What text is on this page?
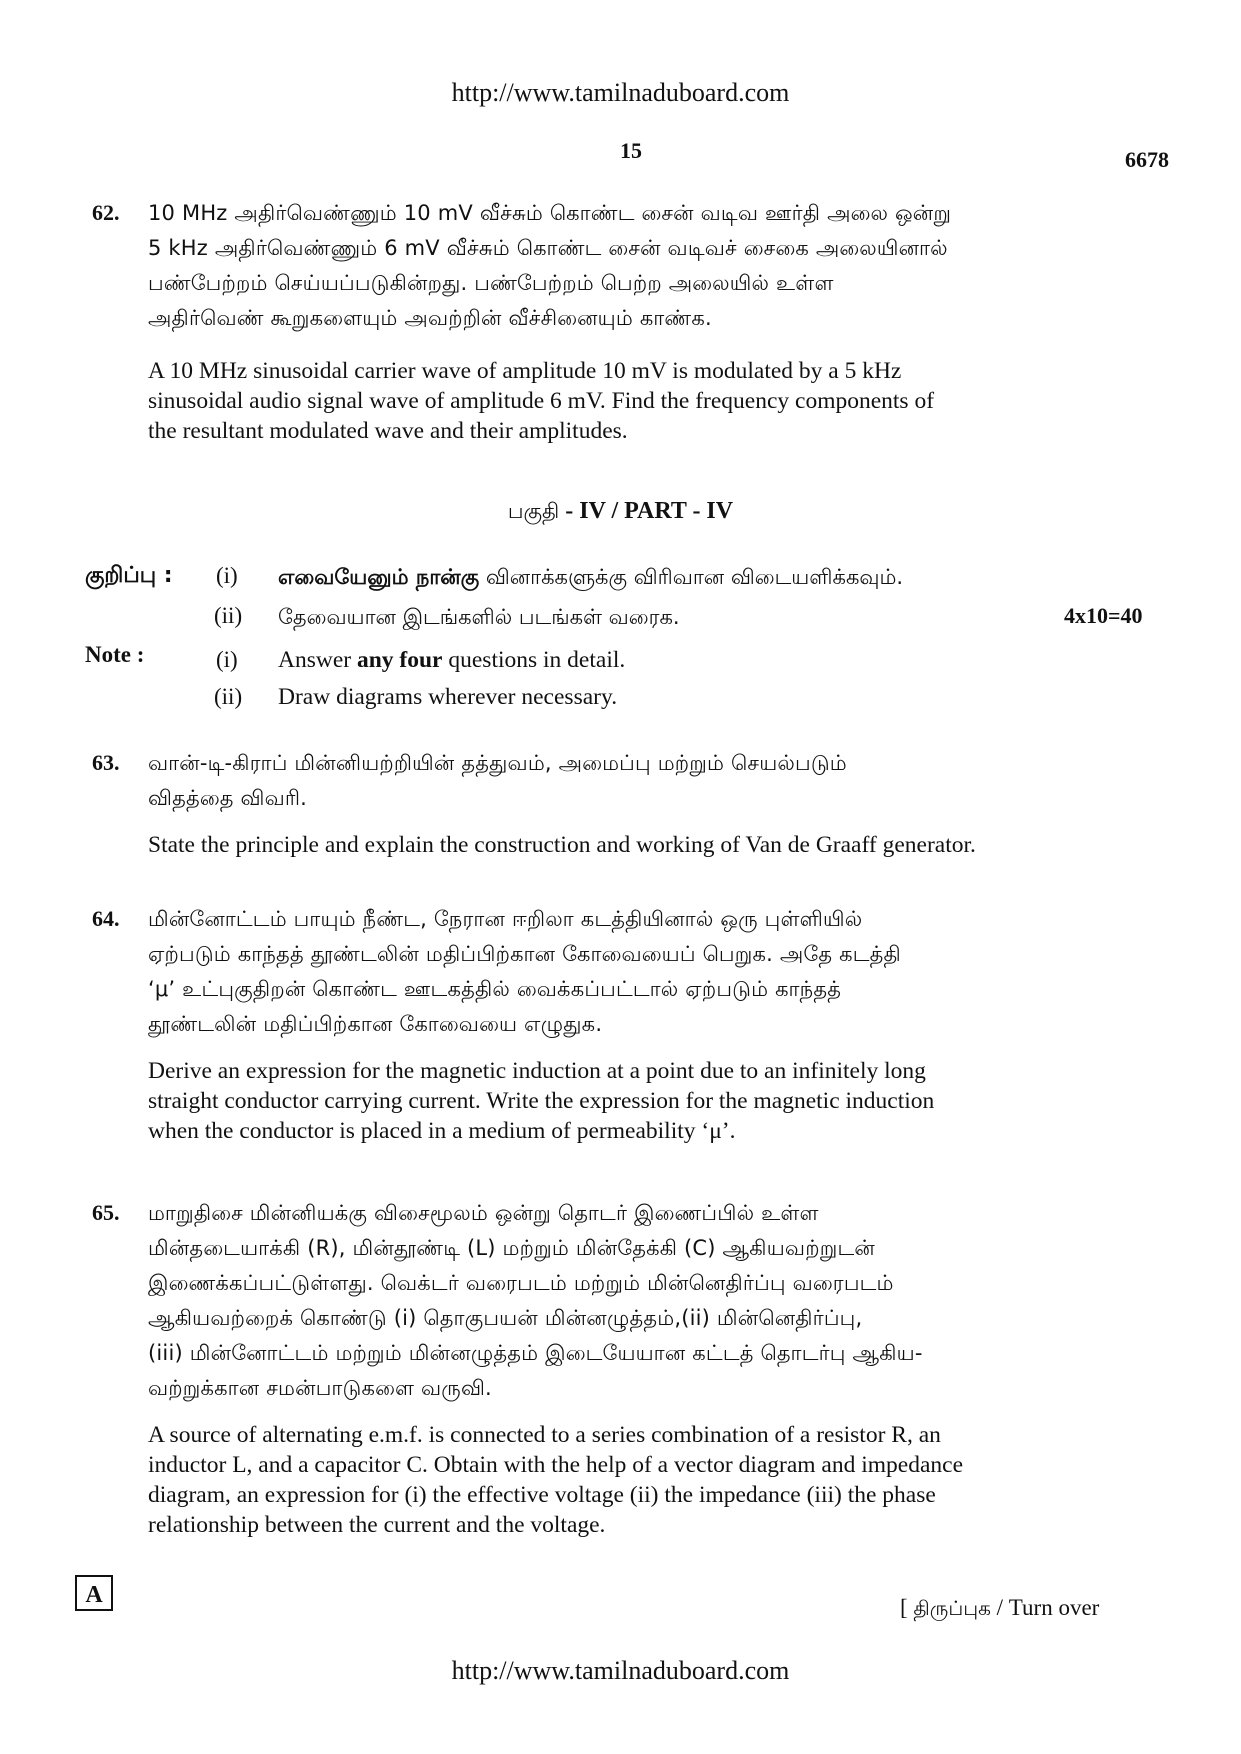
http://www.tamilnaduboard.com
15	6678
62. 10 MHz அதிர்வெண்ணும் 10 mV வீச்சும் கொண்ட சைன் வடிவ ஊர்தி அலை ஒன்று
5 kHz அதிர்வெண்ணும் 6 mV வீச்சும் கொண்ட சைன் வடிவச் சைகை அலையினால்
பண்பேற்றம் செய்யப்படுகின்றது. பண்பேற்றம் பெற்ற அலையில் உள்ள
அதிர்வெண் கூறுகளையும் அவற்றின் வீச்சினையும் காண்க.
A 10 MHz sinusoidal carrier wave of amplitude 10 mV is modulated by a 5 kHz
sinusoidal audio signal wave of amplitude 6 mV. Find the frequency components of
the resultant modulated wave and their amplitudes.
பகுதி - IV / PART - IV
குறிப்பு : (i) எவையேனும் நான்கு வினாக்களுக்கு விரிவான விடையளிக்கவும்.
(ii) தேவையான இடங்களில் படங்கள் வரைக.	4x10=40
Note :	(i) Answer any four questions in detail.
(ii) Draw diagrams wherever necessary.
63. வான்-டி-கிராப் மின்னியற்றியின் தத்துவம், அமைப்பு மற்றும் செயல்படும்
விதத்தை விவரி.
State the principle and explain the construction and working of Van de Graaff generator.
64. மின்னோட்டம் பாயும் நீண்ட, நேரான ஈறிலா கடத்தியினால் ஒரு புள்ளியில்
ஏற்படும் காந்தத் தூண்டலின் மதிப்பிற்கான கோவையைப் பெறுக. அதே கடத்தி
‘μ’ உட்புகுதிறன் கொண்ட ஊடகத்தில் வைக்கப்பட்டால் ஏற்படும் காந்தத்
தூண்டலின் மதிப்பிற்கான கோவையை எழுதுக.
Derive an expression for the magnetic induction at a point due to an infinitely long
straight conductor carrying current. Write the expression for the magnetic induction
when the conductor is placed in a medium of permeability ‘μ’.
65. மாறுதிசை மின்னியக்கு விசைமூலம் ஒன்று தொடர் இணைப்பில் உள்ள
மின்தடையாக்கி (R), மின்தூண்டி (L) மற்றும் மின்தேக்கி (C) ஆகியவற்றுடன்
இணைக்கப்பட்டுள்ளது. வெக்டர் வரைபடம் மற்றும் மின்னெதிர்ப்பு வரைபடம்
ஆகியவற்றைக் கொண்டு (i) தொகுபயன் மின்னழுத்தம்,(ii) மின்னெதிர்ப்பு,
(iii) மின்னோட்டம் மற்றும் மின்னழுத்தம் இடையேயான கட்டத் தொடர்பு ஆகிய-
வற்றுக்கான சமன்பாடுகளை வருவி.
A source of alternating e.m.f. is connected to a series combination of a resistor R, an
inductor L, and a capacitor C. Obtain with the help of a vector diagram and impedance
diagram, an expression for (i) the effective voltage (ii) the impedance (iii) the phase
relationship between the current and the voltage.
A	[ திருப்புக / Turn over
http://www.tamilnaduboard.com
